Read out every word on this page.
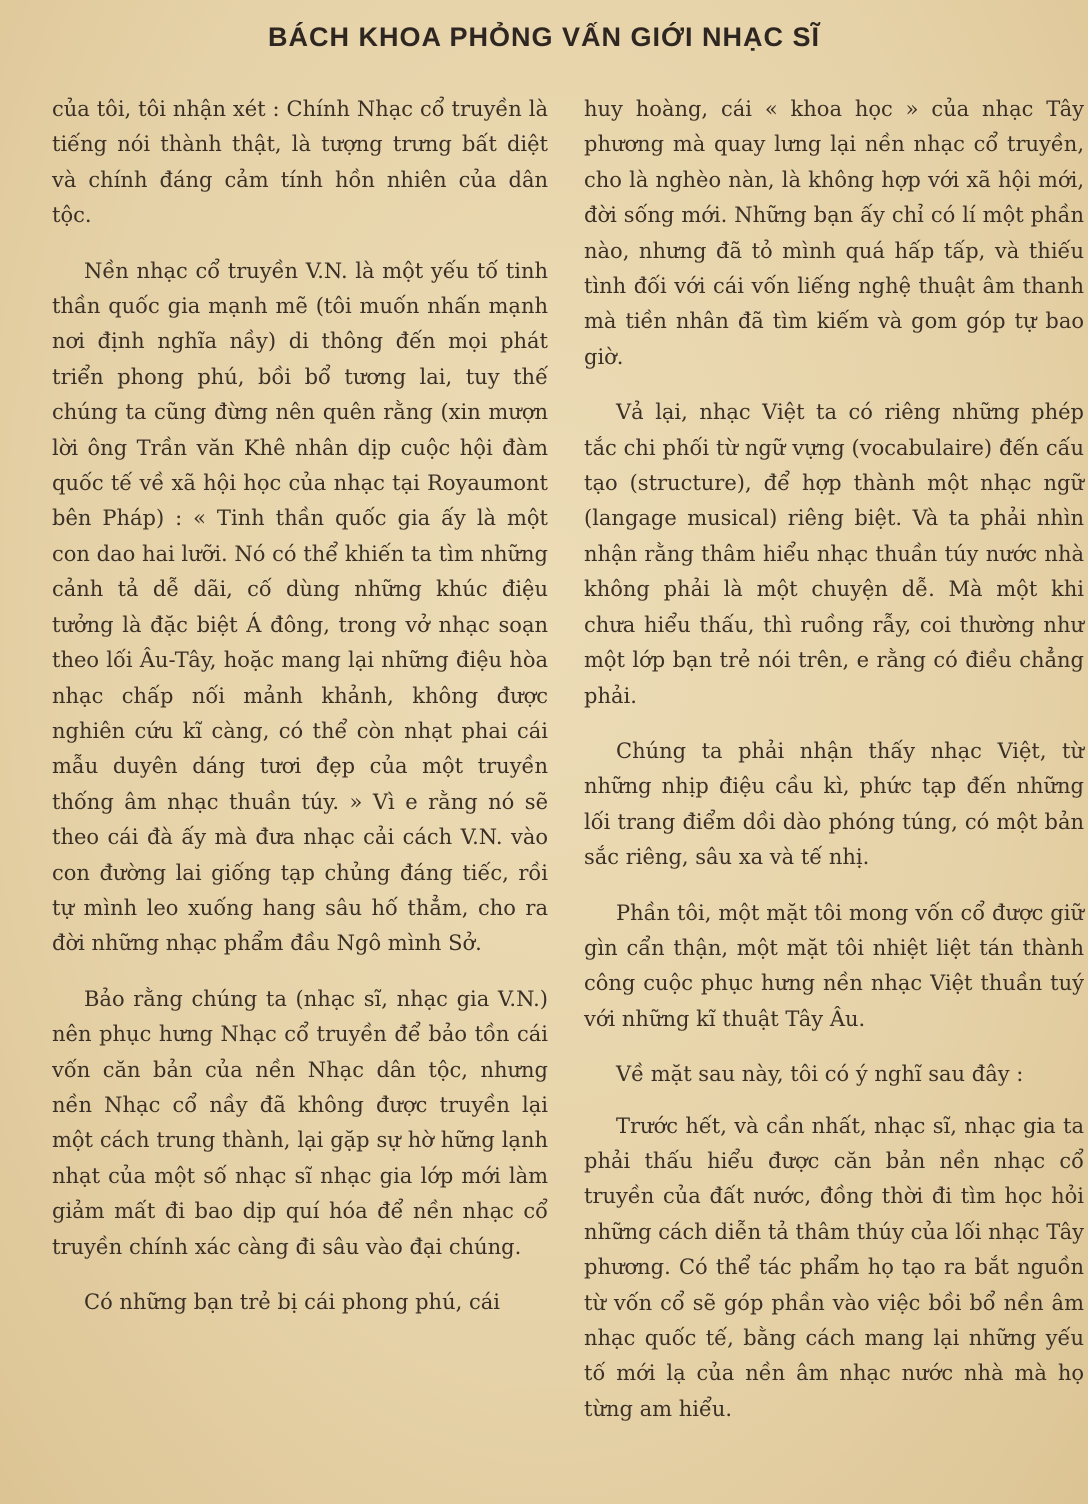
BÁCH KHOA PHỎNG VẤN GIỚI NHẠC SĨ

của tôi, tôi nhận xét : Chính Nhạc cổ truyền là tiếng nói thành thật, là tượng trưng bất diệt và chính đáng cảm tính hồn nhiên của dân tộc.

Nền nhạc cổ truyền V.N. là một yếu tố tinh thần quốc gia mạnh mẽ (tôi muốn nhấn mạnh nơi định nghĩa nầy) di thông đến mọi phát triển phong phú, bồi bổ tương lai, tuy thế chúng ta cũng đừng nên quên rằng (xin mượn lời ông Trần văn Khê nhân dịp cuộc hội đàm quốc tế về xã hội học của nhạc tại Royaumont bên Pháp) : « Tinh thần quốc gia ấy là một con dao hai lưỡi. Nó có thể khiến ta tìm những cảnh tả dễ dãi, cố dùng những khúc điệu tưởng là đặc biệt Á đông, trong vở nhạc soạn theo lối Âu-Tây, hoặc mang lại những điệu hòa nhạc chấp nối mảnh khảnh, không được nghiên cứu kĩ càng, có thể còn nhạt phai cái mẫu duyên dáng tươi đẹp của một truyền thống âm nhạc thuần túy. » Vì e rằng nó sẽ theo cái đà ấy mà đưa nhạc cải cách V.N. vào con đường lai giống tạp chủng đáng tiếc, rồi tự mình leo xuống hang sâu hố thẳm, cho ra đời những nhạc phẩm đầu Ngô mình Sở.

Bảo rằng chúng ta (nhạc sĩ, nhạc gia V.N.) nên phục hưng Nhạc cổ truyền để bảo tồn cái vốn căn bản của nền Nhạc dân tộc, nhưng nền Nhạc cổ nầy đã không được truyền lại một cách trung thành, lại gặp sự hờ hững lạnh nhạt của một số nhạc sĩ nhạc gia lớp mới làm giảm mất đi bao dịp quí hóa để nền nhạc cổ truyền chính xác càng đi sâu vào đại chúng.

Có những bạn trẻ bị cái phong phú, cái

huy hoàng, cái « khoa học » của nhạc Tây phương mà quay lưng lại nền nhạc cổ truyền, cho là nghèo nàn, là không hợp với xã hội mới, đời sống mới. Những bạn ấy chỉ có lí một phần nào, nhưng đã tỏ mình quá hấp tấp, và thiếu tình đối với cái vốn liếng nghệ thuật âm thanh mà tiền nhân đã tìm kiếm và gom góp tự bao giờ.

Vả lại, nhạc Việt ta có riêng những phép tắc chi phối từ ngữ vựng (vocabulaire) đến cấu tạo (structure), để hợp thành một nhạc ngữ (langage musical) riêng biệt. Và ta phải nhìn nhận rằng thâm hiểu nhạc thuần túy nước nhà không phải là một chuyện dễ. Mà một khi chưa hiểu thấu, thì ruồng rẫy, coi thường như một lớp bạn trẻ nói trên, e rằng có điều chẳng phải.

Chúng ta phải nhận thấy nhạc Việt, từ những nhịp điệu cầu kì, phức tạp đến những lối trang điểm dồi dào phóng túng, có một bản sắc riêng, sâu xa và tế nhị.

Phần tôi, một mặt tôi mong vốn cổ được giữ gìn cẩn thận, một mặt tôi nhiệt liệt tán thành công cuộc phục hưng nền nhạc Việt thuần tuý với những kĩ thuật Tây Âu.

Về mặt sau này, tôi có ý nghĩ sau đây :

Trước hết, và cần nhất, nhạc sĩ, nhạc gia ta phải thấu hiểu được căn bản nền nhạc cổ truyền của đất nước, đồng thời đi tìm học hỏi những cách diễn tả thâm thúy của lối nhạc Tây phương. Có thể tác phẩm họ tạo ra bắt nguồn từ vốn cổ sẽ góp phần vào việc bồi bổ nền âm nhạc quốc tế, bằng cách mang lại những yếu tố mới lạ của nền âm nhạc nước nhà mà họ từng am hiểu.
